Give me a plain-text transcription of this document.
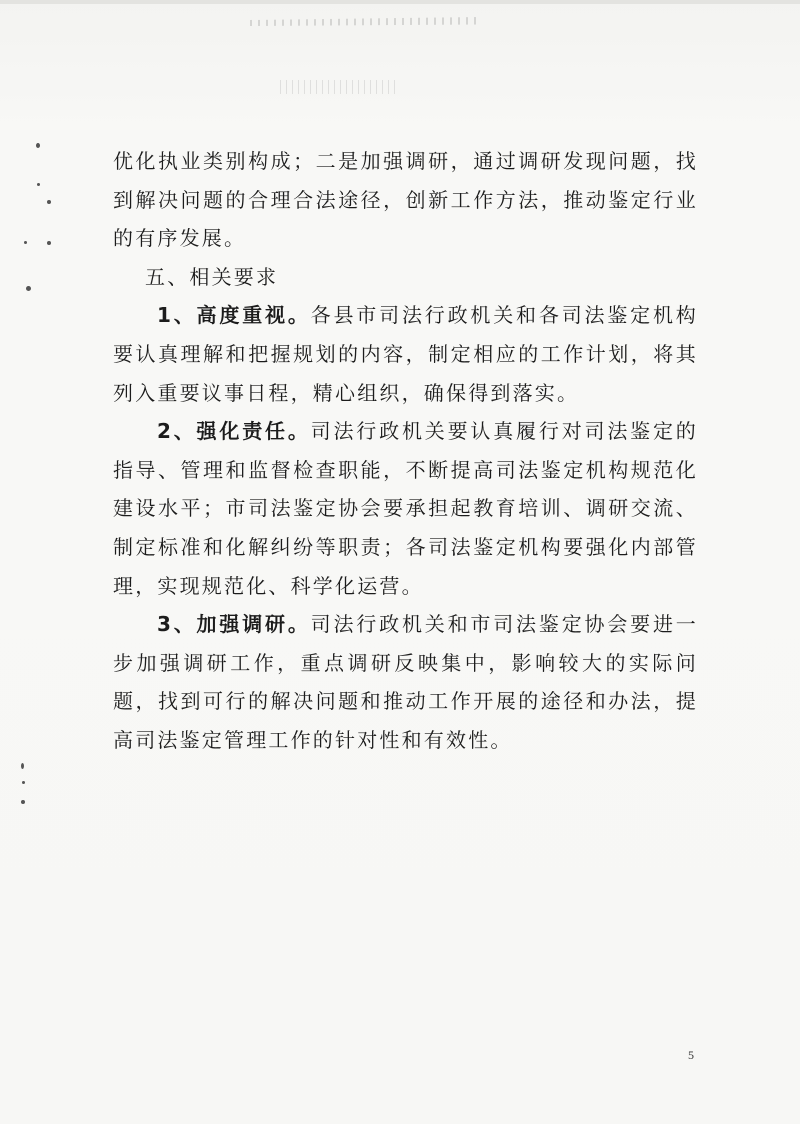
优化执业类别构成；二是加强调研，通过调研发现问题，找到解决问题的合理合法途径，创新工作方法，推动鉴定行业的有序发展。

五、相关要求

1、高度重视。各县市司法行政机关和各司法鉴定机构要认真理解和把握规划的内容，制定相应的工作计划，将其列入重要议事日程，精心组织，确保得到落实。

2、强化责任。司法行政机关要认真履行对司法鉴定的指导、管理和监督检查职能，不断提高司法鉴定机构规范化建设水平；市司法鉴定协会要承担起教育培训、调研交流、制定标准和化解纠纷等职责；各司法鉴定机构要强化内部管理，实现规范化、科学化运营。

3、加强调研。司法行政机关和市司法鉴定协会要进一步加强调研工作，重点调研反映集中，影响较大的实际问题，找到可行的解决问题和推动工作开展的途径和办法，提高司法鉴定管理工作的针对性和有效性。

5
